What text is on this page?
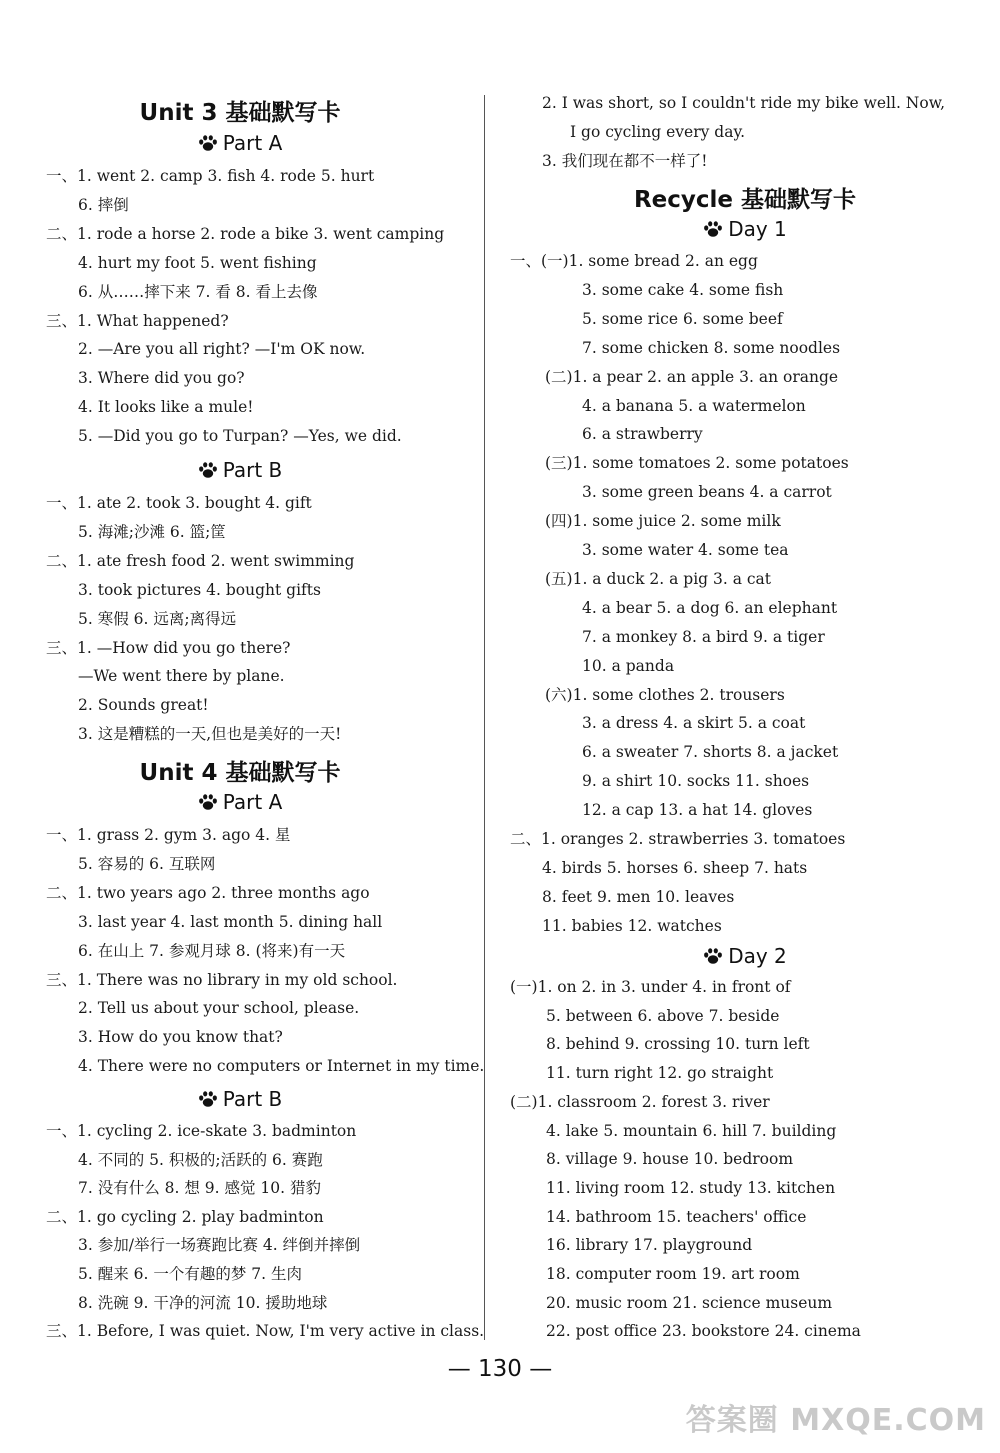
Unit 3 基础默写卡
Part A
一、1. went 2. camp 3. fish 4. rode 5. hurt
6. 摔倒
二、1. rode a horse 2. rode a bike 3. went camping
4. hurt my foot 5. went fishing
6. 从……摔下来 7. 看 8. 看上去像
三、1. What happened?
2. —Are you all right? —I'm OK now.
3. Where did you go?
4. It looks like a mule!
5. —Did you go to Turpan? —Yes, we did.
Part B
一、1. ate 2. took 3. bought 4. gift
5. 海滩;沙滩 6. 篮;筐
二、1. ate fresh food 2. went swimming
3. took pictures 4. bought gifts
5. 寒假 6. 远离;离得远
三、1. —How did you go there?
—We went there by plane.
2. Sounds great!
3. 这是糟糕的一天,但也是美好的一天!
Unit 4 基础默写卡
Part A
一、1. grass 2. gym 3. ago 4. 星
5. 容易的 6. 互联网
二、1. two years ago 2. three months ago
3. last year 4. last month 5. dining hall
6. 在山上 7. 参观月球 8. (将来)有一天
三、1. There was no library in my old school.
2. Tell us about your school, please.
3. How do you know that?
4. There were no computers or Internet in my time.
Part B
一、1. cycling 2. ice-skate 3. badminton
4. 不同的 5. 积极的;活跃的 6. 赛跑
7. 没有什么 8. 想 9. 感觉 10. 猎豹
二、1. go cycling 2. play badminton
3. 参加/举行一场赛跑比赛 4. 绊倒并摔倒
5. 醒来 6. 一个有趣的梦 7. 生肉
8. 洗碗 9. 干净的河流 10. 援助地球
三、1. Before, I was quiet. Now, I'm very active in class.
2. I was short, so I couldn't ride my bike well. Now,
I go cycling every day.
3. 我们现在都不一样了!
Recycle 基础默写卡
Day 1
一、(一)1. some bread 2. an egg
3. some cake 4. some fish
5. some rice 6. some beef
7. some chicken 8. some noodles
(二)1. a pear 2. an apple 3. an orange
4. a banana 5. a watermelon
6. a strawberry
(三)1. some tomatoes 2. some potatoes
3. some green beans 4. a carrot
(四)1. some juice 2. some milk
3. some water 4. some tea
(五)1. a duck 2. a pig 3. a cat
4. a bear 5. a dog 6. an elephant
7. a monkey 8. a bird 9. a tiger
10. a panda
(六)1. some clothes 2. trousers
3. a dress 4. a skirt 5. a coat
6. a sweater 7. shorts 8. a jacket
9. a shirt 10. socks 11. shoes
12. a cap 13. a hat 14. gloves
二、1. oranges 2. strawberries 3. tomatoes
4. birds 5. horses 6. sheep 7. hats
8. feet 9. men 10. leaves
11. babies 12. watches
Day 2
(一)1. on 2. in 3. under 4. in front of
5. between 6. above 7. beside
8. behind 9. crossing 10. turn left
11. turn right 12. go straight
(二)1. classroom 2. forest 3. river
4. lake 5. mountain 6. hill 7. building
8. village 9. house 10. bedroom
11. living room 12. study 13. kitchen
14. bathroom 15. teachers' office
16. library 17. playground
18. computer room 19. art room
20. music room 21. science museum
22. post office 23. bookstore 24. cinema
— 130 —
答案圈 MXQE.COM
